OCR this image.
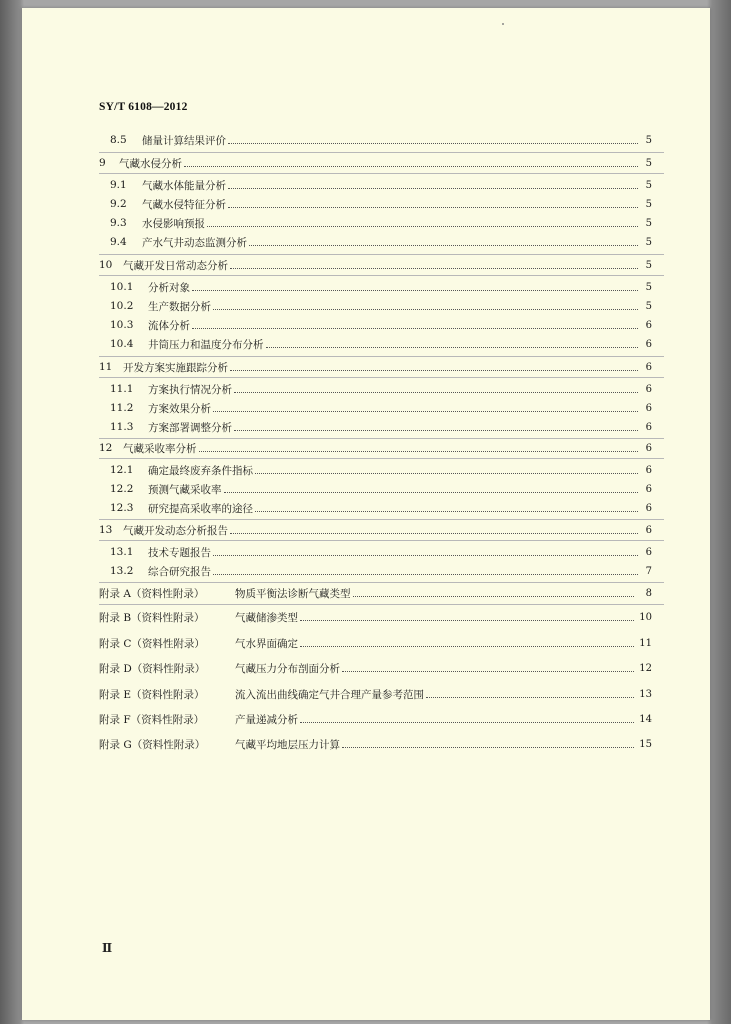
SY/T 6108—2012
8.5	储量计算结果评价	5
9	气藏水侵分析	5
9.1	气藏水体能量分析	5
9.2	气藏水侵特征分析	5
9.3	水侵影响预报	5
9.4	产水气井动态监测分析	5
10	气藏开发日常动态分析	5
10.1	分析对象	5
10.2	生产数据分析	5
10.3	流体分析	6
10.4	井筒压力和温度分布分析	6
11	开发方案实施跟踪分析	6
11.1	方案执行情况分析	6
11.2	方案效果分析	6
11.3	方案部署调整分析	6
12	气藏采收率分析	6
12.1	确定最终废弃条件指标	6
12.2	预测气藏采收率	6
12.3	研究提高采收率的途径	6
13	气藏开发动态分析报告	6
13.1	技术专题报告	6
13.2	综合研究报告	7
附录 A（资料性附录）	物质平衡法诊断气藏类型	8
附录 B（资料性附录）	气藏储渗类型	10
附录 C（资料性附录）	气水界面确定	11
附录 D（资料性附录）	气藏压力分布剖面分析	12
附录 E（资料性附录）	流入流出曲线确定气井合理产量参考范围	13
附录 F（资料性附录）	产量递减分析	14
附录 G（资料性附录）	气藏平均地层压力计算	15
Ⅱ
